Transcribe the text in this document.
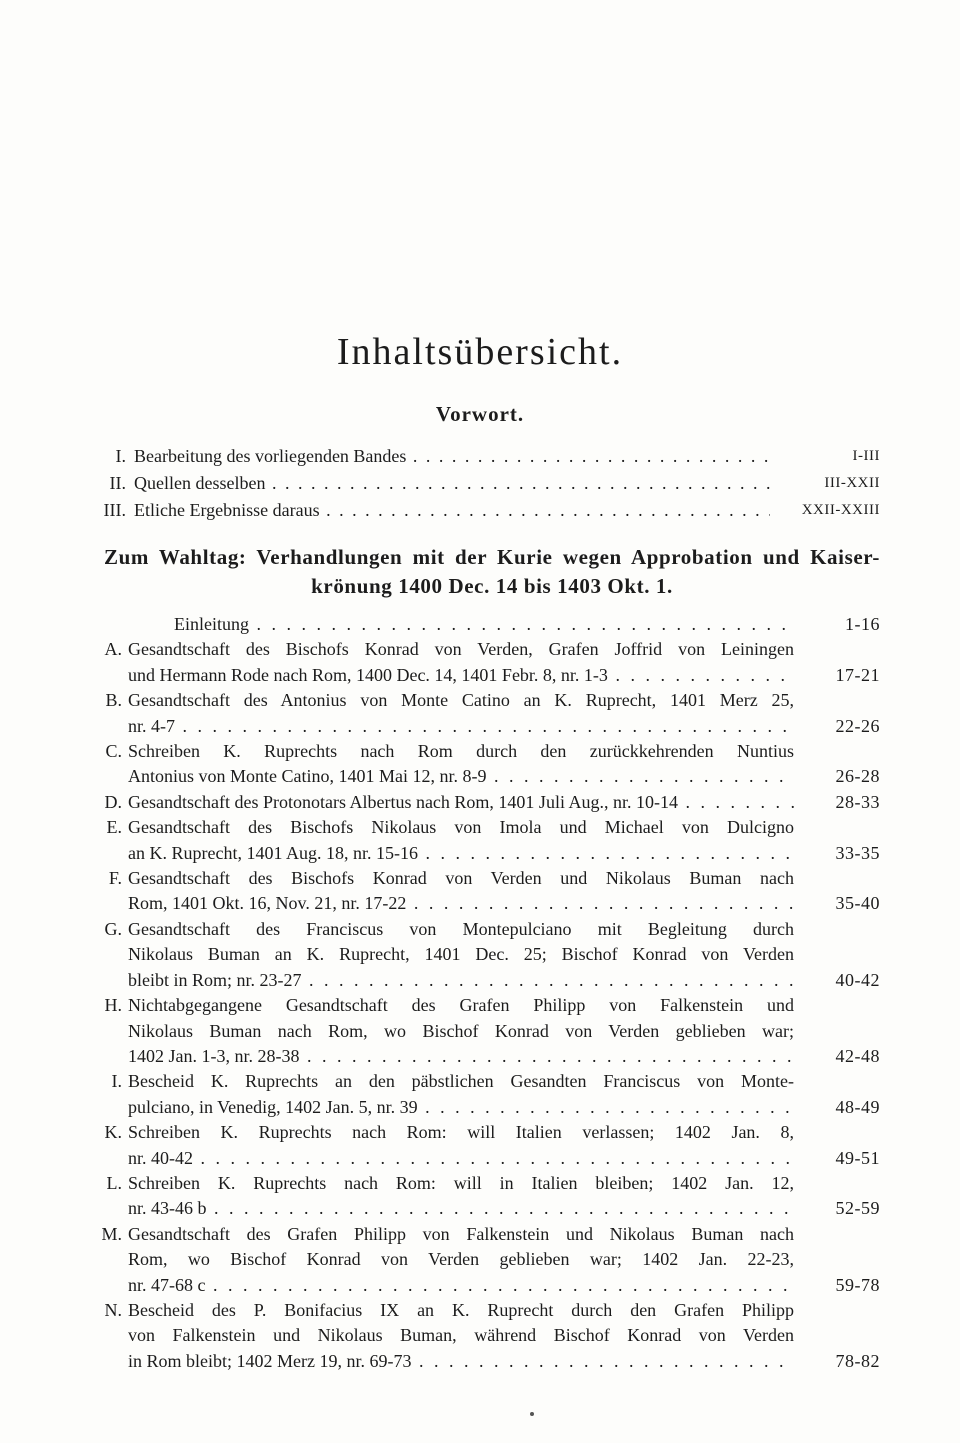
Inhaltsübersicht.
Vorwort.
I. Bearbeitung des vorliegenden Bandes . . .	I-III
II. Quellen desselben . . .	III-XXII
III. Etliche Ergebnisse daraus . . .	XXII-XXIII
Zum Wahltag: Verhandlungen mit der Kurie wegen Approbation und Kaiser-
krönung 1400 Dec. 14 bis 1403 Okt. 1.
Einleitung . . .	1-16
A. Gesandtschaft des Bischofs Konrad von Verden, Grafen Joffrid von Leiningen
und Hermann Rode nach Rom, 1400 Dec. 14, 1401 Febr. 8, nr. 1-3 . . .	17-21
B. Gesandtschaft des Antonius von Monte Catino an K. Ruprecht, 1401 Merz 25,
nr. 4-7 . . .	22-26
C. Schreiben K. Ruprechts nach Rom durch den zurückkehrenden Nuntius
Antonius von Monte Catino, 1401 Mai 12, nr. 8-9 . . .	26-28
D. Gesandtschaft des Protonotars Albertus nach Rom, 1401 Juli Aug., nr. 10-14 . . .	28-33
E. Gesandtschaft des Bischofs Nikolaus von Imola und Michael von Dulcigno
an K. Ruprecht, 1401 Aug. 18, nr. 15-16 . . .	33-35
F. Gesandtschaft des Bischofs Konrad von Verden und Nikolaus Buman nach
Rom, 1401 Okt. 16, Nov. 21, nr. 17-22 . . .	35-40
G. Gesandtschaft des Franciscus von Montepulciano mit Begleitung durch
Nikolaus Buman an K. Ruprecht, 1401 Dec. 25; Bischof Konrad von Verden
bleibt in Rom; nr. 23-27 . . .	40-42
H. Nichtabgegangene Gesandtschaft des Grafen Philipp von Falkenstein und
Nikolaus Buman nach Rom, wo Bischof Konrad von Verden geblieben war;
1402 Jan. 1-3, nr. 28-38 . . .	42-48
I. Bescheid K. Ruprechts an den päbstlichen Gesandten Franciscus von Monte-
pulciano, in Venedig, 1402 Jan. 5, nr. 39 . . .	48-49
K. Schreiben K. Ruprechts nach Rom: will Italien verlassen; 1402 Jan. 8,
nr. 40-42 . . .	49-51
L. Schreiben K. Ruprechts nach Rom: will in Italien bleiben; 1402 Jan. 12,
nr. 43-46 b . . .	52-59
M. Gesandtschaft des Grafen Philipp von Falkenstein und Nikolaus Buman nach
Rom, wo Bischof Konrad von Verden geblieben war; 1402 Jan. 22-23,
nr. 47-68 c . . .	59-78
N. Bescheid des P. Bonifacius IX an K. Ruprecht durch den Grafen Philipp
von Falkenstein und Nikolaus Buman, während Bischof Konrad von Verden
in Rom bleibt; 1402 Merz 19, nr. 69-73 . . .	78-82
